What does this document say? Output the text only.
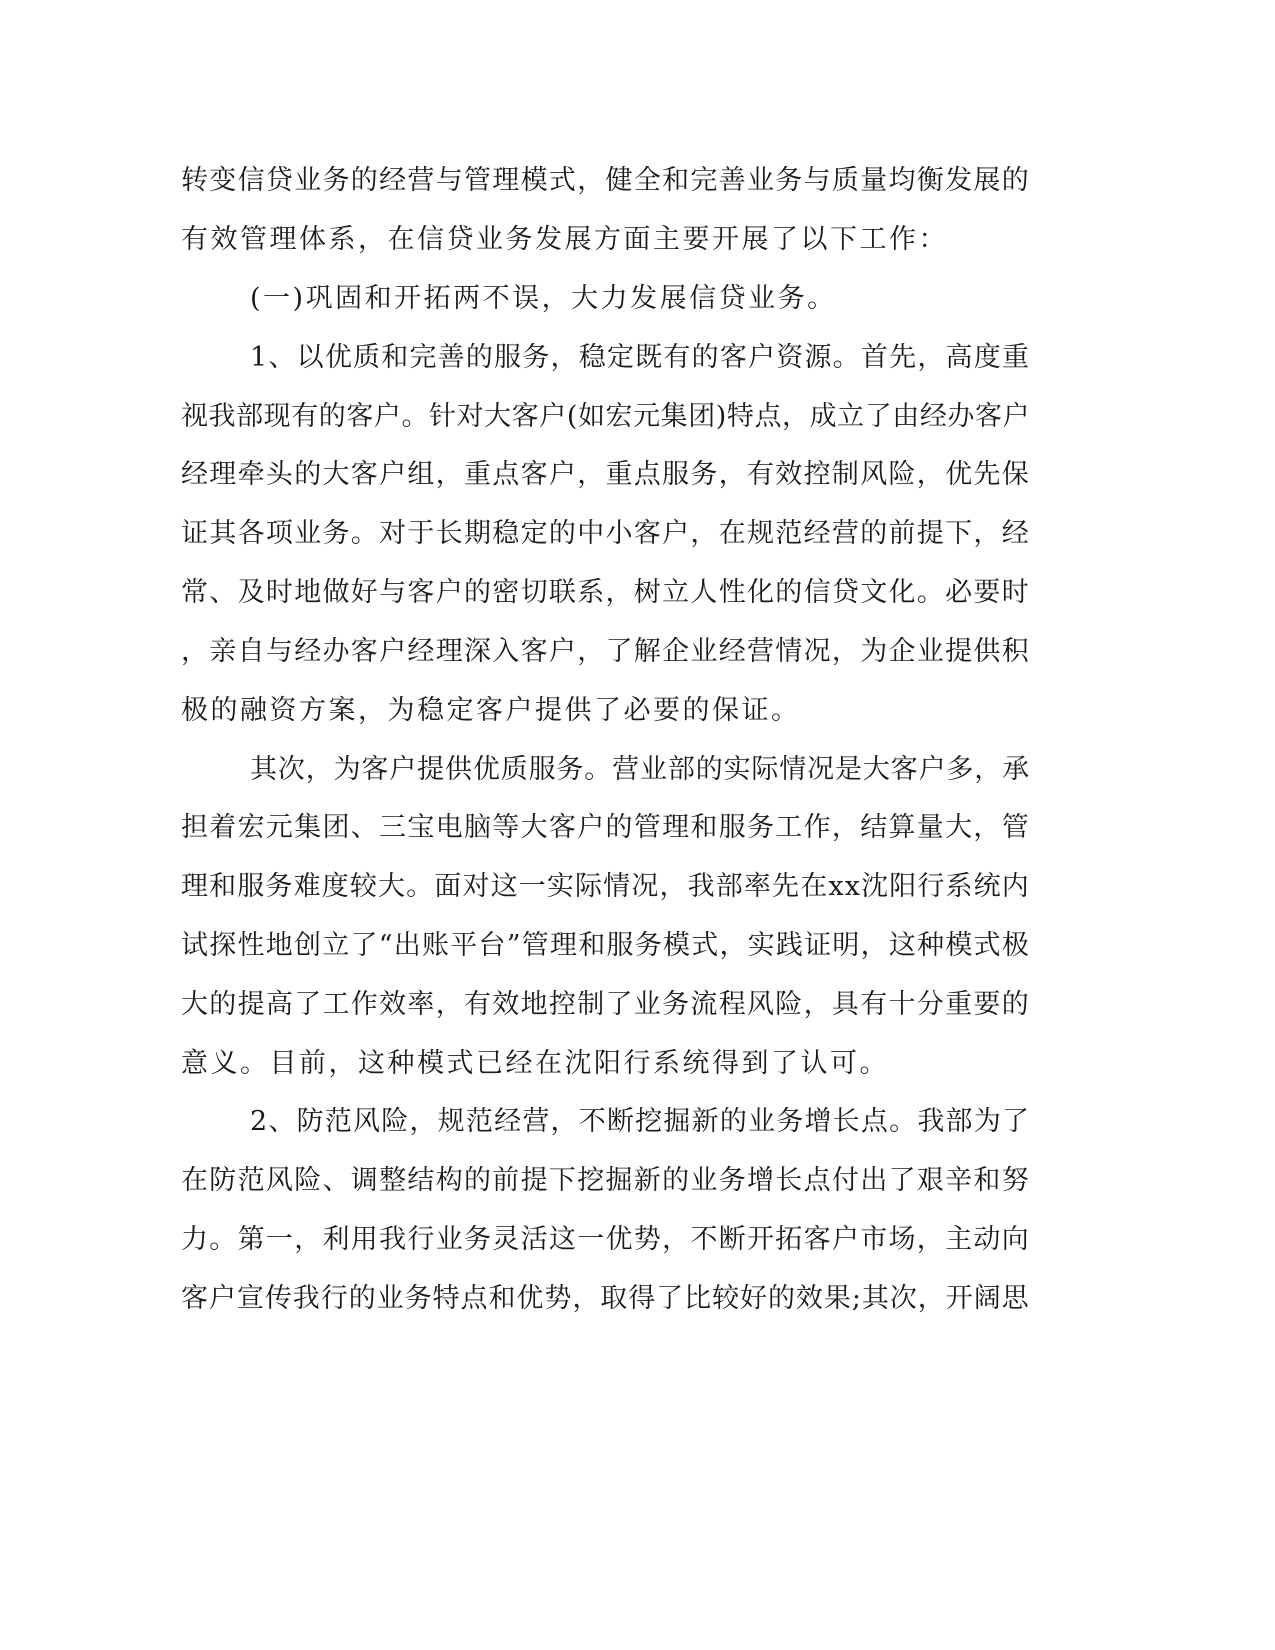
转变信贷业务的经营与管理模式，健全和完善业务与质量均衡发展的
有效管理体系，在信贷业务发展方面主要开展了以下工作：
(一)巩固和开拓两不误，大力发展信贷业务。
1、以优质和完善的服务，稳定既有的客户资源。首先，高度重
视我部现有的客户。针对大客户(如宏元集团)特点，成立了由经办客户
经理牵头的大客户组，重点客户，重点服务，有效控制风险，优先保
证其各项业务。对于长期稳定的中小客户，在规范经营的前提下，经
常、及时地做好与客户的密切联系，树立人性化的信贷文化。必要时
，亲自与经办客户经理深入客户，了解企业经营情况，为企业提供积
极的融资方案，为稳定客户提供了必要的保证。
其次，为客户提供优质服务。营业部的实际情况是大客户多，承
担着宏元集团、三宝电脑等大客户的管理和服务工作，结算量大，管
理和服务难度较大。面对这一实际情况，我部率先在xx沈阳行系统内
试探性地创立了“出账平台”管理和服务模式，实践证明，这种模式极
大的提高了工作效率，有效地控制了业务流程风险，具有十分重要的
意义。目前，这种模式已经在沈阳行系统得到了认可。
2、防范风险，规范经营，不断挖掘新的业务增长点。我部为了
在防范风险、调整结构的前提下挖掘新的业务增长点付出了艰辛和努
力。第一，利用我行业务灵活这一优势，不断开拓客户市场，主动向
客户宣传我行的业务特点和优势，取得了比较好的效果;其次，开阔思
